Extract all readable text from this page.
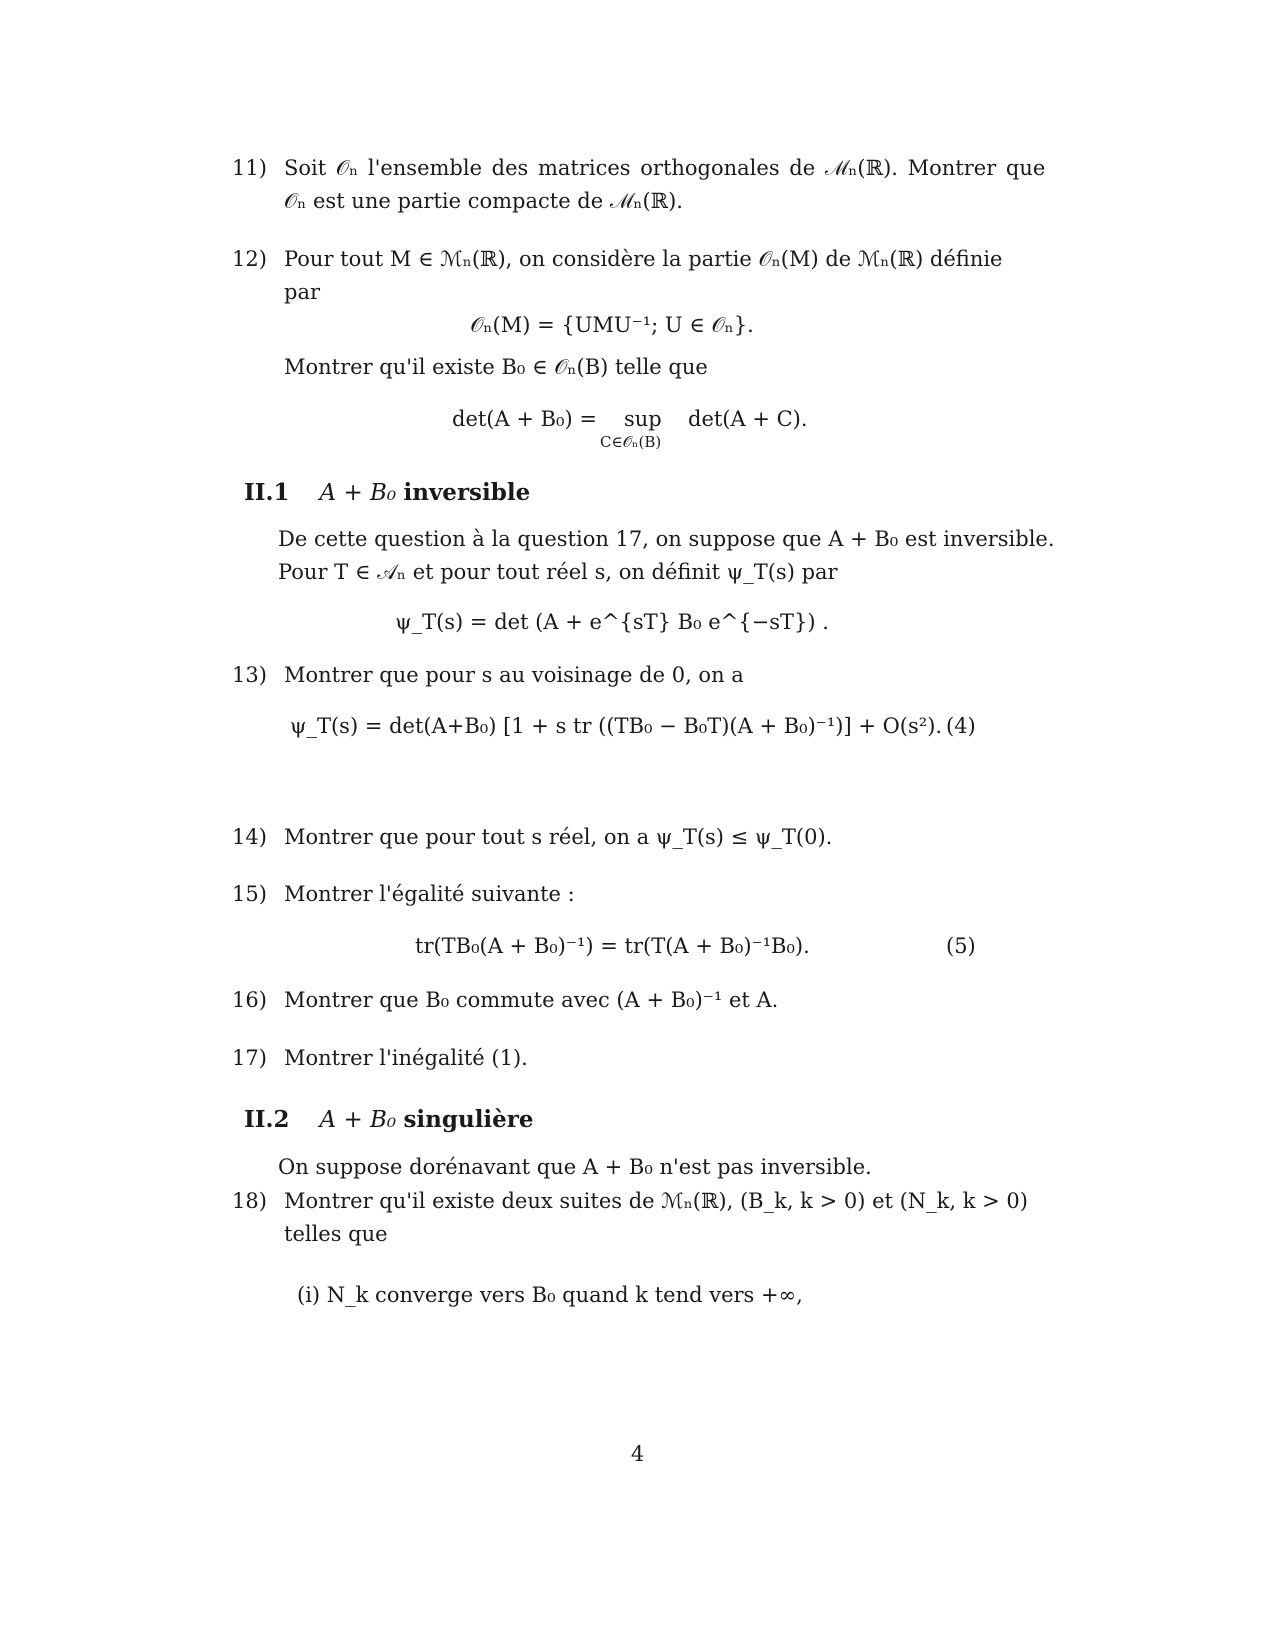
11) Soit 𝒪ₙ l'ensemble des matrices orthogonales de ℳₙ(ℝ). Montrer que
𝒪ₙ est une partie compacte de ℳₙ(ℝ).
12) Pour tout M ∈ ℳₙ(ℝ), on considère la partie 𝒪ₙ(M) de ℳₙ(ℝ) définie
par
𝒪ₙ(M) = {UMU⁻¹; U ∈ 𝒪ₙ}.
Montrer qu'il existe B₀ ∈ 𝒪ₙ(B) telle que
det(A + B₀) = sup
C∈𝒪ₙ(B)
det(A + C).
II.1 A + B₀ inversible
De cette question à la question 17, on suppose que A + B₀ est inversible.
Pour T ∈ 𝒜ₙ et pour tout réel s, on définit ψ_T(s) par
ψ_T(s) = det (A + e^{sT} B₀ e^{−sT}) .
13) Montrer que pour s au voisinage de 0, on a
ψ_T(s) = det(A+B₀) [1 + s tr ((TB₀ − B₀T)(A + B₀)⁻¹)] + O(s²). (4)
14) Montrer que pour tout s réel, on a ψ_T(s) ≤ ψ_T(0).
15) Montrer l'égalité suivante :
tr(TB₀(A + B₀)⁻¹) = tr(T(A + B₀)⁻¹B₀).	(5)
16) Montrer que B₀ commute avec (A + B₀)⁻¹ et A.
17) Montrer l'inégalité (1).
II.2 A + B₀ singulière
On suppose dorénavant que A + B₀ n'est pas inversible.
18) Montrer qu'il existe deux suites de ℳₙ(ℝ), (B_k, k > 0) et (N_k, k > 0)
telles que
(i) N_k converge vers B₀ quand k tend vers +∞,
4
